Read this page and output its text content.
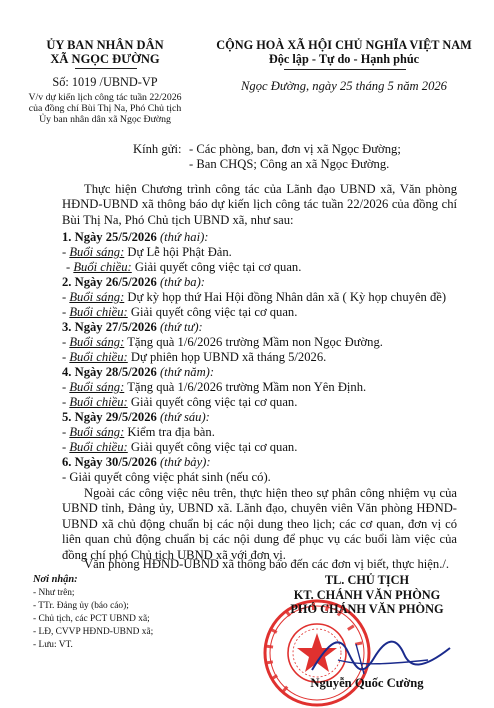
ỦY BAN NHÂN DÂN
XÃ NGỌC ĐƯỜNG
Số: 1019 /UBND-VP
V/v dự kiến lịch công tác tuần 22/2026
của đồng chí Bùi Thị Na, Phó Chủ tịch
Ủy ban nhân dân xã Ngọc Đường
CỘNG HOÀ XÃ HỘI CHỦ NGHĨA VIỆT NAM
Độc lập - Tự do - Hạnh phúc
Ngọc Đường, ngày 25 tháng 5 năm 2026
Kính gửi: - Các phòng, ban, đơn vị xã Ngọc Đường;
- Ban CHQS; Công an xã Ngọc Đường.
Thực hiện Chương trình công tác của Lãnh đạo UBND xã, Văn phòng HĐND-UBND xã thông báo dự kiến lịch công tác tuần 22/2026 của đồng chí Bùi Thị Na, Phó Chủ tịch UBND xã, như sau:
1. Ngày 25/5/2026 (thứ hai):
- Buổi sáng: Dự Lễ hội Phật Đản.
- Buổi chiều: Giải quyết công việc tại cơ quan.
2. Ngày 26/5/2026 (thứ ba):
- Buổi sáng: Dự kỳ họp thứ Hai Hội đồng Nhân dân xã ( Kỳ họp chuyên đề)
- Buổi chiều: Giải quyết công việc tại cơ quan.
3. Ngày 27/5/2026 (thứ tư):
- Buổi sáng: Tặng quà 1/6/2026 trường Mầm non Ngọc Đường.
- Buổi chiều: Dự phiên họp UBND xã tháng 5/2026.
4. Ngày 28/5/2026 (thứ năm):
- Buổi sáng: Tặng quà 1/6/2026 trường Mầm non Yên Định.
- Buổi chiều: Giải quyết công việc tại cơ quan.
5. Ngày 29/5/2026 (thứ sáu):
- Buổi sáng: Kiểm tra địa bàn.
- Buổi chiều: Giải quyết công việc tại cơ quan.
6. Ngày 30/5/2026 (thứ bảy):
- Giải quyết công việc phát sinh (nếu có).
Ngoài các công việc nêu trên, thực hiện theo sự phân công nhiệm vụ của UBND tỉnh, Đảng ủy, UBND xã. Lãnh đạo, chuyên viên Văn phòng HĐND-UBND xã chủ động chuẩn bị các nội dung theo lịch; các cơ quan, đơn vị có liên quan chủ động chuẩn bị các nội dung để phục vụ các buổi làm việc của đồng chí phó Chủ tịch UBND xã với đơn vị.
Văn phòng HĐND-UBND xã thông báo đến các đơn vị biết, thực hiện./.
Nơi nhận:
- Như trên;
- TTr. Đảng ủy (báo cáo);
- Chủ tịch, các PCT UBND xã;
- LĐ, CVVP HĐND-UBND xã;
- Lưu: VT.
TL. CHỦ TỊCH
KT. CHÁNH VĂN PHÒNG
PHÓ CHÁNH VĂN PHÒNG
Nguyễn Quốc Cường
